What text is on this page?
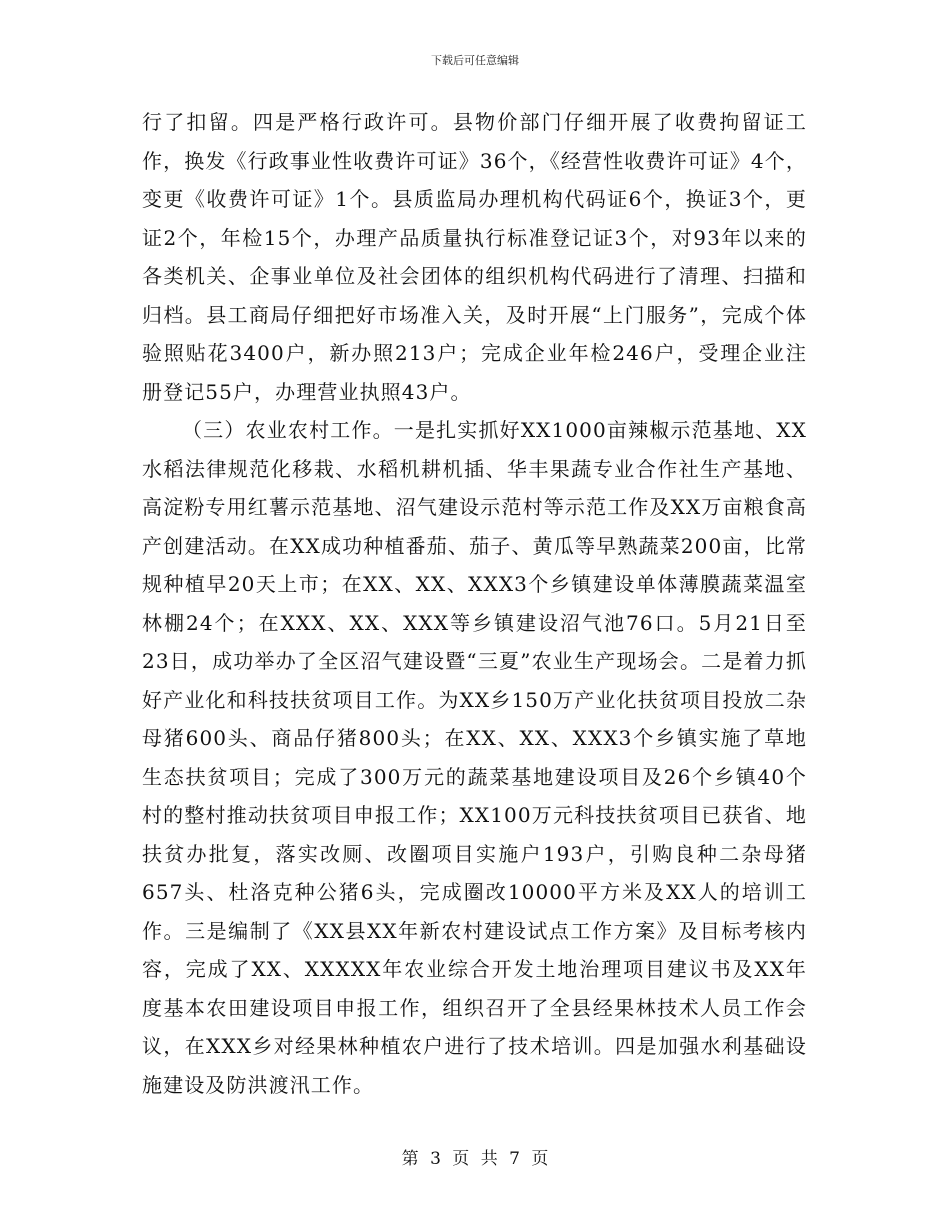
下载后可任意编辑

行了扣留。四是严格行政许可。县物价部门仔细开展了收费拘留证工作，换发《行政事业性收费许可证》36个，《经营性收费许可证》4个，变更《收费许可证》1个。县质监局办理机构代码证6个，换证3个，更证2个，年检15个，办理产品质量执行标准登记证3个，对93年以来的各类机关、企事业单位及社会团体的组织机构代码进行了清理、扫描和归档。县工商局仔细把好市场准入关，及时开展“上门服务”，完成个体验照贴花3400户，新办照213户；完成企业年检246户，受理企业注册登记55户，办理营业执照43户。

（三）农业农村工作。一是扎实抓好XX1000亩辣椒示范基地、XX水稻法律规范化移栽、水稻机耕机插、华丰果蔬专业合作社生产基地、高淀粉专用红薯示范基地、沼气建设示范村等示范工作及XX万亩粮食高产创建活动。在XX成功种植番茄、茄子、黄瓜等早熟蔬菜200亩，比常规种植早20天上市；在XX、XX、XXX3个乡镇建设单体薄膜蔬菜温室林棚24个；在XXX、XX、XXX等乡镇建设沼气池76口。5月21日至23日，成功举办了全区沼气建设暨“三夏”农业生产现场会。二是着力抓好产业化和科技扶贫项目工作。为XX乡150万产业化扶贫项目投放二杂母猪600头、商品仔猪800头；在XX、XX、XXX3个乡镇实施了草地生态扶贫项目；完成了300万元的蔬菜基地建设项目及26个乡镇40个村的整村推动扶贫项目申报工作；XX100万元科技扶贫项目已获省、地扶贫办批复，落实改厕、改圈项目实施户193户，引购良种二杂母猪657头、杜洛克种公猪6头，完成圈改10000平方米及XX人的培训工作。三是编制了《XX县XX年新农村建设试点工作方案》及目标考核内容，完成了XX、XXXXX年农业综合开发土地治理项目建议书及XX年度基本农田建设项目申报工作，组织召开了全县经果林技术人员工作会议，在XXX乡对经果林种植农户进行了技术培训。四是加强水利基础设施建设及防洪渡汛工作。

第 3 页 共 7 页
